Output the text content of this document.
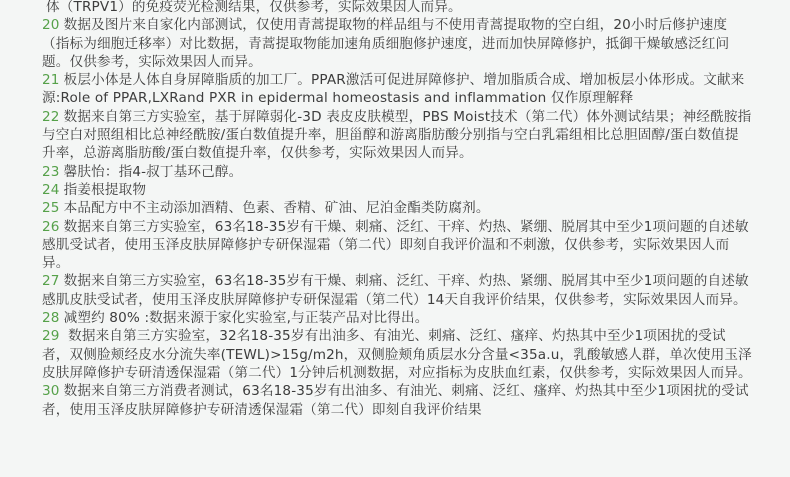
体（TRPV1）的免疫荧光检测结果，仅供参考，实际效果因人而异。

20 数据及图片来自家化内部测试，仅使用青蒿提取物的样品组与不使用青蒿提取物的空白组，20小时后修护速度（指标为细胞迁移率）对比数据，青蒿提取物能加速角质细胞修护速度，进而加快屏障修护，抵御干燥敏感泛红问题。仅供参考，实际效果因人而异。

21 板层小体是人体自身屏障脂质的加工厂。PPAR激活可促进屏障修护、增加脂质合成、增加板层小体形成。文献来源:Role of PPAR,LXRand PXR in epidermal homeostasis and inflammation 仅作原理解释

22 数据来自第三方实验室，基于屏障弱化-3D 表皮皮肤模型，PBS Moist技术（第二代）体外测试结果；神经酰胺指与空白对照组相比总神经酰胺/蛋白数值提升率，胆甾醇和游离脂肪酸分别指与空白乳霜组相比总胆固醇/蛋白数值提升率，总游离脂肪酸/蛋白数值提升率，仅供参考，实际效果因人而异。

23 馨肤怡：指4-叔丁基环己醇。

24 指姜根提取物

25 本品配方中不主动添加酒精、色素、香精、矿油、尼泊金酯类防腐剂。

26 数据来自第三方实验室，63名18-35岁有干燥、刺痛、泛红、干痒、灼热、紧绷、脱屑其中至少1项问题的自述敏感肌受试者，使用玉泽皮肤屏障修护专研保湿霜（第二代）即刻自我评价温和不刺激，仅供参考，实际效果因人而异。

27 数据来自第三方实验室，63名18-35岁有干燥、刺痛、泛红、干痒、灼热、紧绷、脱屑其中至少1项问题的自述敏感肌皮肤受试者，使用玉泽皮肤屏障修护专研保湿霜（第二代）14天自我评价结果，仅供参考，实际效果因人而异。

28 减塑约 80% :数据来源于家化实验室,与正装产品对比得出。

29 数据来自第三方实验室，32名18-35岁有出油多、有油光、刺痛、泛红、瘙痒、灼热其中至少1项困扰的受试者，双侧脸颊经皮水分流失率(TEWL)>15g/m2h，双侧脸颊角质层水分含量<35a.u，乳酸敏感人群，单次使用玉泽皮肤屏障修护专研清透保湿霜（第二代）1分钟后机测数据，对应指标为皮肤血红素，仅供参考，实际效果因人而异。

30 数据来自第三方消费者测试，63名18-35岁有出油多、有油光、刺痛、泛红、瘙痒、灼热其中至少1项困扰的受试者，使用玉泽皮肤屏障修护专研清透保湿霜（第二代）即刻自我评价结果
